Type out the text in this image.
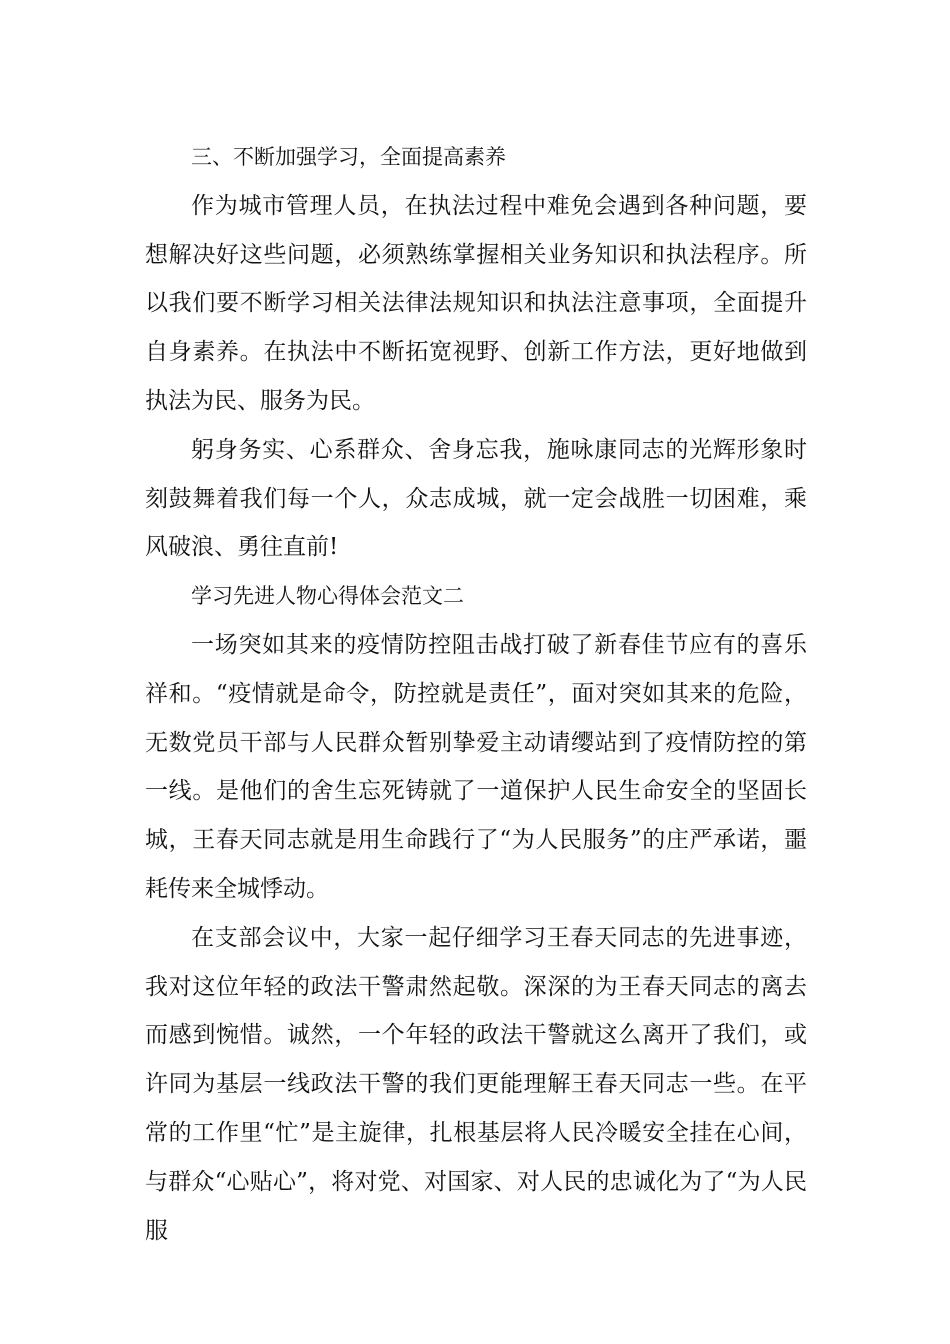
三、不断加强学习，全面提高素养

作为城市管理人员，在执法过程中难免会遇到各种问题，要想解决好这些问题，必须熟练掌握相关业务知识和执法程序。所以我们要不断学习相关法律法规知识和执法注意事项，全面提升自身素养。在执法中不断拓宽视野、创新工作方法，更好地做到执法为民、服务为民。

躬身务实、心系群众、舍身忘我，施咏康同志的光辉形象时刻鼓舞着我们每一个人，众志成城，就一定会战胜一切困难，乘风破浪、勇往直前!

学习先进人物心得体会范文二

一场突如其来的疫情防控阻击战打破了新春佳节应有的喜乐祥和。“疫情就是命令，防控就是责任”，面对突如其来的危险，无数党员干部与人民群众暂别挚爱主动请缨站到了疫情防控的第一线。是他们的舍生忘死铸就了一道保护人民生命安全的坚固长城，王春天同志就是用生命践行了“为人民服务”的庄严承诺，噩耗传来全城悸动。

在支部会议中，大家一起仔细学习王春天同志的先进事迹，我对这位年轻的政法干警肃然起敬。深深的为王春天同志的离去而感到惋惜。诚然，一个年轻的政法干警就这么离开了我们，或许同为基层一线政法干警的我们更能理解王春天同志一些。在平常的工作里“忙”是主旋律，扎根基层将人民冷暖安全挂在心间，与群众“心贴心”，将对党、对国家、对人民的忠诚化为了“为人民服
